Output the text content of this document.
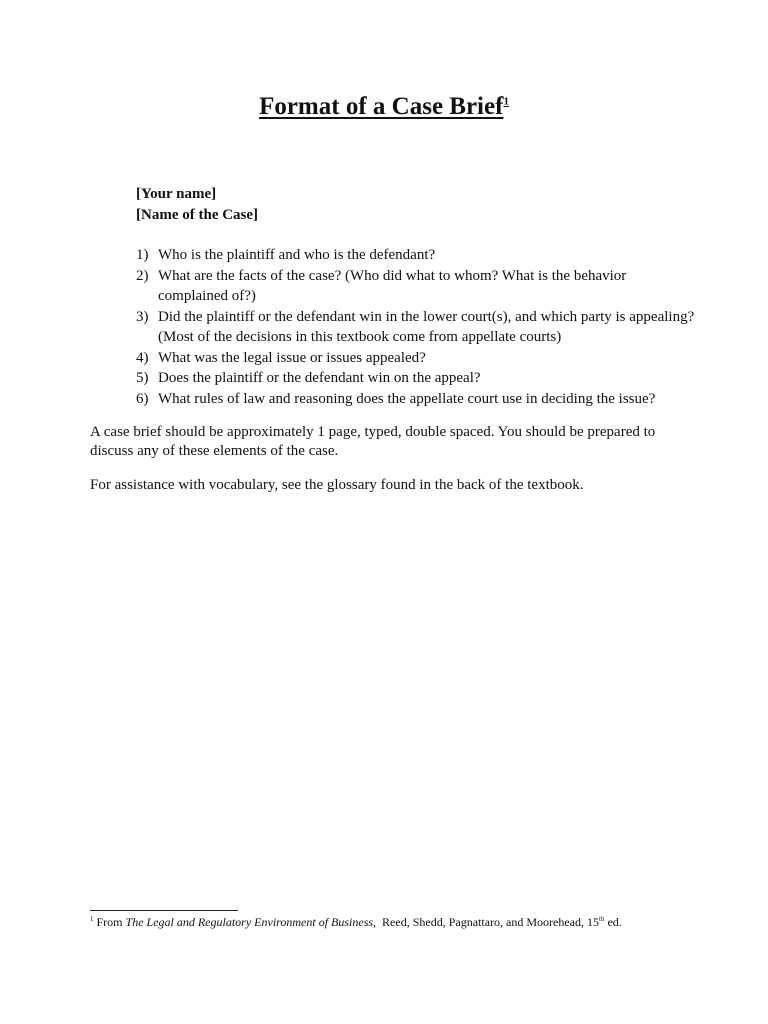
Format of a Case Brief$^1$
[Your name]
[Name of the Case]
1) Who is the plaintiff and who is the defendant?
2) What are the facts of the case? (Who did what to whom? What is the behavior complained of?)
3) Did the plaintiff or the defendant win in the lower court(s), and which party is appealing? (Most of the decisions in this textbook come from appellate courts)
4) What was the legal issue or issues appealed?
5) Does the plaintiff or the defendant win on the appeal?
6) What rules of law and reasoning does the appellate court use in deciding the issue?

A case brief should be approximately 1 page, typed, double spaced. You should be prepared to discuss any of these elements of the case.

For assistance with vocabulary, see the glossary found in the back of the textbook.

$^1$ From The Legal and Regulatory Environment of Business, Reed, Shedd, Pagnattaro, and Moorehead, 15th ed.
